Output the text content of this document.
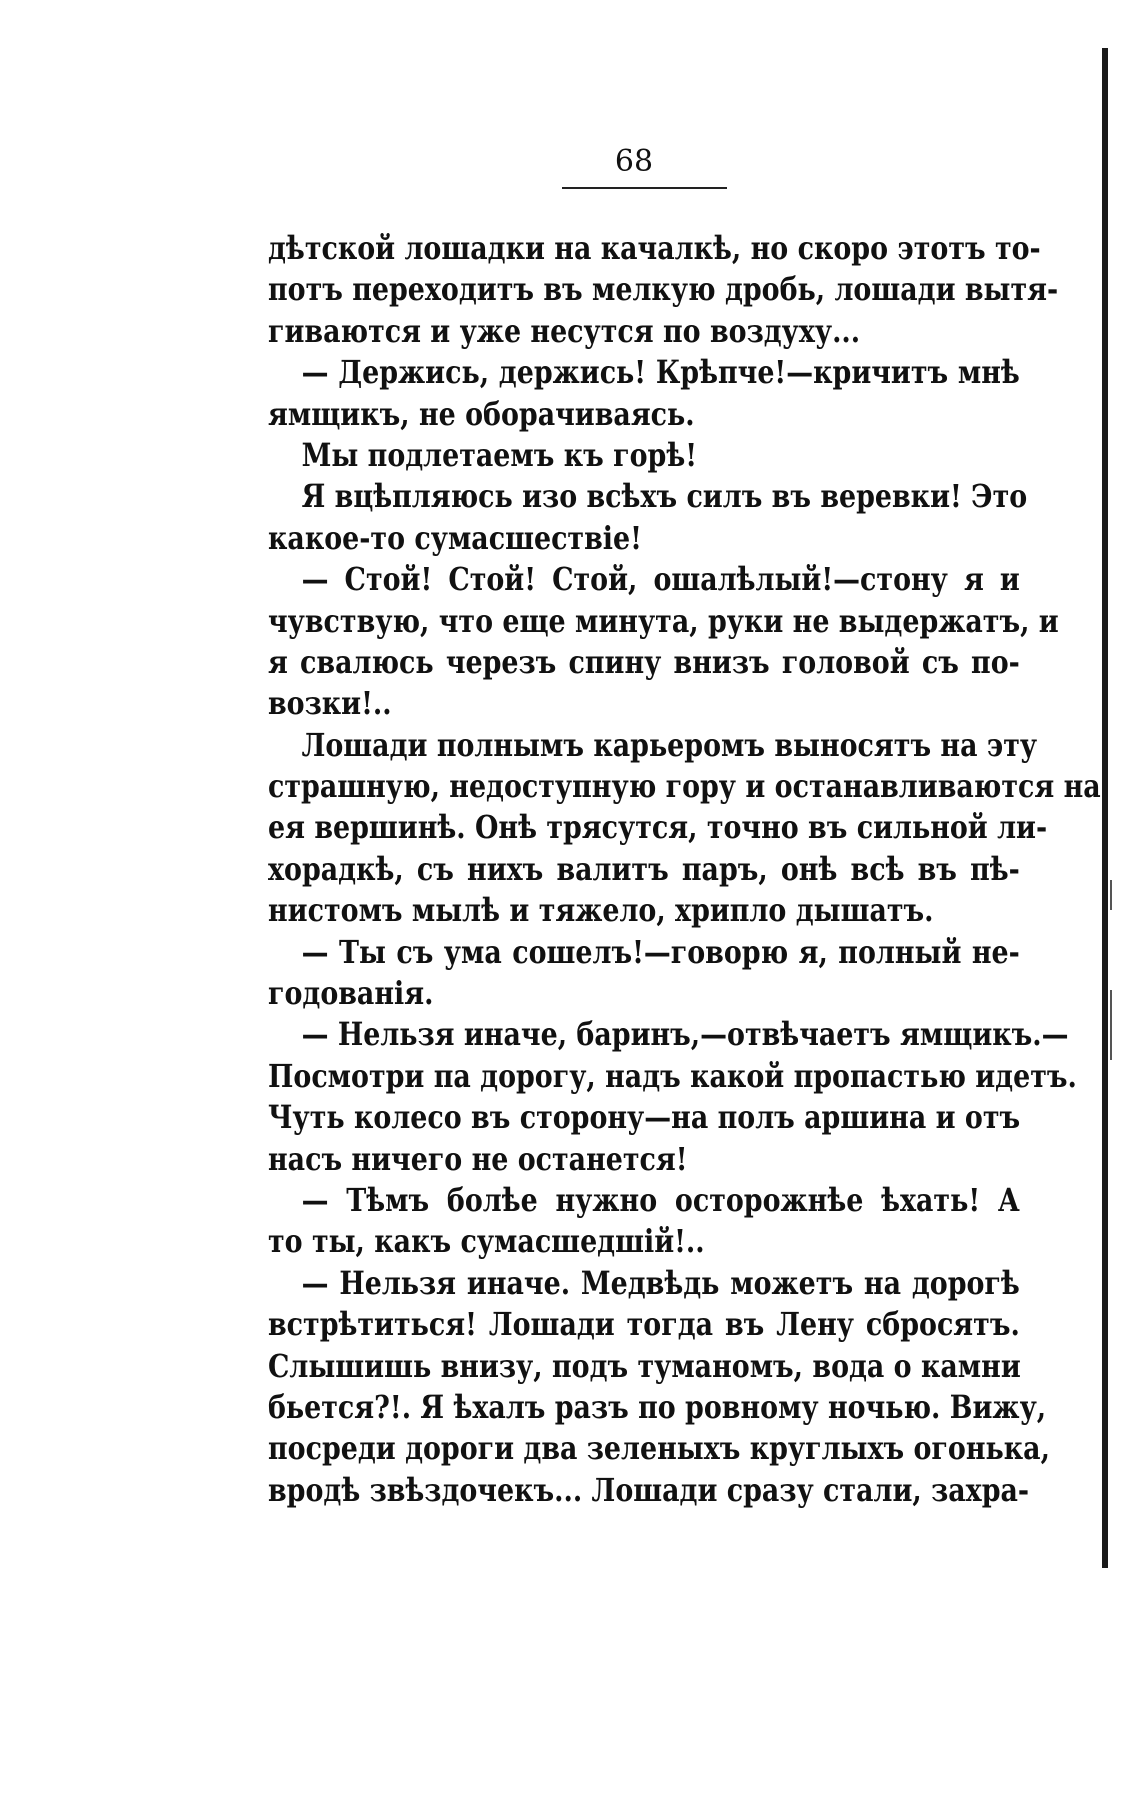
68
дѣтской лошадки на качалкѣ, но скоро этотъ то-
потъ переходитъ въ мелкую дробь, лошади вытя-
гиваются и уже несутся по воздуху...
— Держись, держись! Крѣпче!—кричитъ мнѣ
ямщикъ, не оборачиваясь.
Мы подлетаемъ къ горѣ!
Я вцѣпляюсь изо всѣхъ силъ въ веревки! Это
какое-то сумасшествіе!
— Стой! Стой! Стой, ошалѣлый!—стону я и
чувствую, что еще минута, руки не выдержатъ, и
я свалюсь черезъ спину внизъ головой съ по-
возки!..
Лошади полнымъ карьеромъ выносятъ на эту
страшную, недоступную гору и останавливаются на
ея вершинѣ. Онѣ трясутся, точно въ сильной ли-
хорадкѣ, съ нихъ валитъ паръ, онѣ всѣ въ пѣ-
нистомъ мылѣ и тяжело, хрипло дышатъ.
— Ты съ ума сошелъ!—говорю я, полный не-
годованія.
— Нельзя иначе, баринъ,—отвѣчаетъ ямщикъ.—
Посмотри па дорогу, надъ какой пропастью идетъ.
Чуть колесо въ сторону—на полъ аршина и отъ
насъ ничего не останется!
— Тѣмъ болѣе нужно осторожнѣе ѣхать! А
то ты, какъ сумасшедшій!..
— Нельзя иначе. Медвѣдь можетъ на дорогѣ
встрѣтиться! Лошади тогда въ Лену сбросятъ.
Слышишь внизу, подъ туманомъ, вода о камни
бьется?!. Я ѣхалъ разъ по ровному ночью. Вижу,
посреди дороги два зеленыхъ круглыхъ огонька,
вродѣ звѣздочекъ... Лошади сразу стали, захра-
